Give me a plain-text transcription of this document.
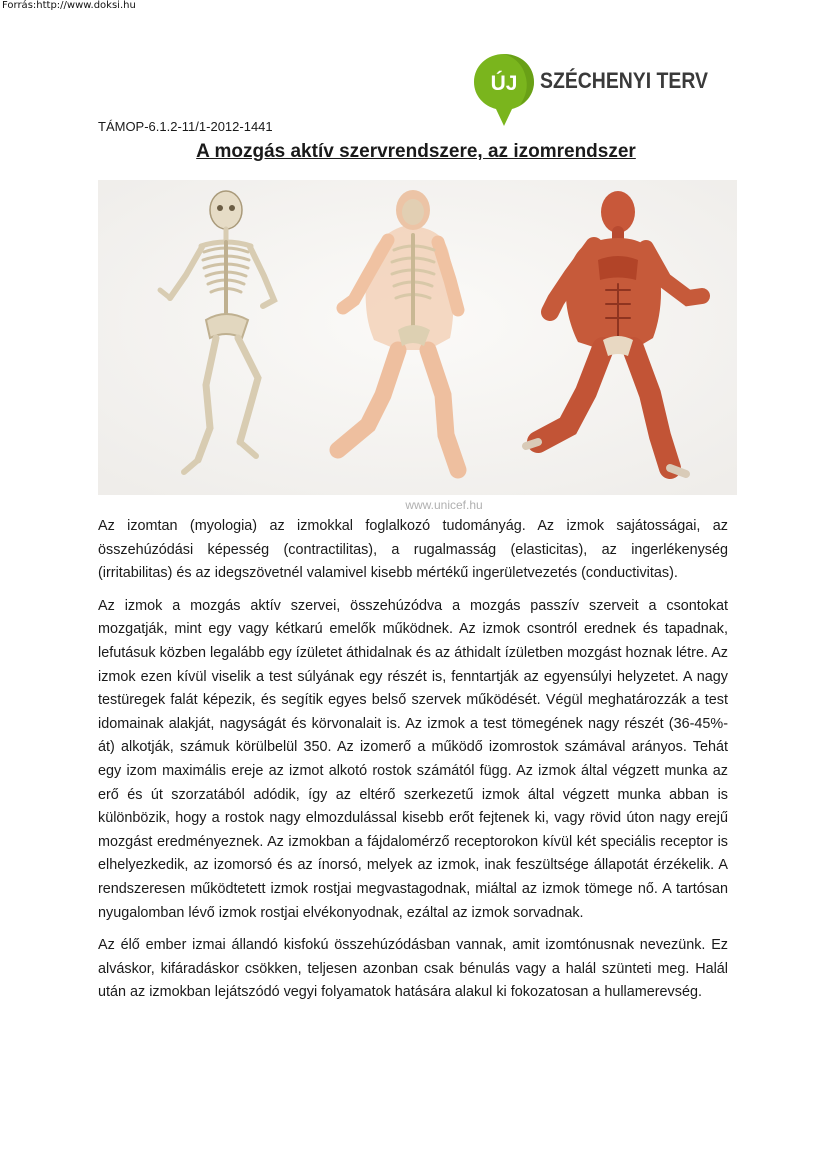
Forrás:http://www.doksi.hu
ÚJ SZÉCHENYI TERV
TÁMOP-6.1.2-11/1-2012-1441
A mozgás aktív szervrendszere, az izomrendszer
www.unicef.hu

Az izomtan (myologia) az izmokkal foglalkozó tudományág. Az izmok sajátosságai, az összehúzódási képesség (contractilitas), a rugalmasság (elasticitas), az ingerlékenység (irritabilitas) és az idegszövetnél valamivel kisebb mértékű ingerületvezetés (conductivitas).

Az izmok a mozgás aktív szervei, összehúzódva a mozgás passzív szerveit a csontokat mozgatják, mint egy vagy kétkarú emelők működnek. Az izmok csontról erednek és tapadnak, lefutásuk közben legalább egy ízületet áthidalnak és az áthidalt ízületben mozgást hoznak létre. Az izmok ezen kívül viselik a test súlyának egy részét is, fenntartják az egyensúlyi helyzetet. A nagy testüregek falát képezik, és segítik egyes belső szervek működését. Végül meghatározzák a test idomainak alakját, nagyságát és körvonalait is. Az izmok a test tömegének nagy részét (36-45%-át) alkotják, számuk körülbelül 350. Az izomerő a működő izomrostok számával arányos. Tehát egy izom maximális ereje az izmot alkotó rostok számától függ. Az izmok által végzett munka az erő és út szorzatából adódik, így az eltérő szerkezetű izmok által végzett munka abban is különbözik, hogy a rostok nagy elmozdulással kisebb erőt fejtenek ki, vagy rövid úton nagy erejű mozgást eredményeznek. Az izmokban a fájdalomérző receptorokon kívül két speciális receptor is elhelyezkedik, az izomorsó és az ínorsó, melyek az izmok, inak feszültsége állapotát érzékelik. A rendszeresen működtetett izmok rostjai megvastagodnak, miáltal az izmok tömege nő. A tartósan nyugalomban lévő izmok rostjai elvékonyodnak, ezáltal az izmok sorvadnak.

Az élő ember izmai állandó kisfokú összehúzódásban vannak, amit izomtónusnak nevezünk. Ez alváskor, kifáradáskor csökken, teljesen azonban csak bénulás vagy a halál szünteti meg. Halál után az izmokban lejátszódó vegyi folyamatok hatására alakul ki fokozatosan a hullamerevség.
